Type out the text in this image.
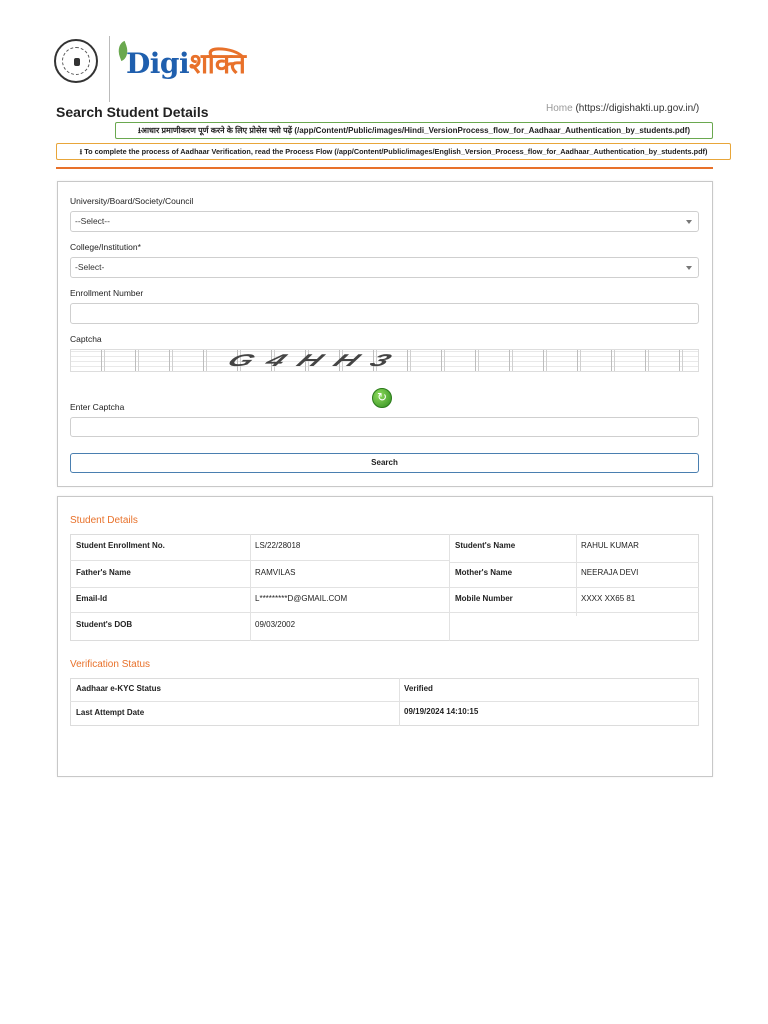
Digiशक्ति
Search Student Details	Home (https://digishakti.up.gov.in/)
⭳आधार प्रमाणीकरण पूर्ण करने के लिए प्रोसेस फ्लो पढ़ें (/app/Content/Public/images/Hindi_VersionProcess_flow_for_Aadhaar_Authentication_by_students.pdf)
⭳ To complete the process of Aadhaar Verification, read the Process Flow (/app/Content/Public/images/English_Version_Process_flow_for_Aadhaar_Authentication_by_students.pdf)
University/Board/Society/Council
--Select--
College/Institution*
-Select-
Enrollment Number
Captcha
G4HH3
↻
Enter Captcha
Search
Student Details
Student Enrollment No.	LS/22/28018	Student's Name	RAHUL KUMAR
Father's Name	RAMVILAS	Mother's Name	NEERAJA DEVI
Email-Id	L*********D@GMAIL.COM	Mobile Number	XXXX XX65 81
Student's DOB	09/03/2002
Verification Status
Aadhaar e-KYC Status	Verified
Last Attempt Date	09/19/2024 14:10:15
